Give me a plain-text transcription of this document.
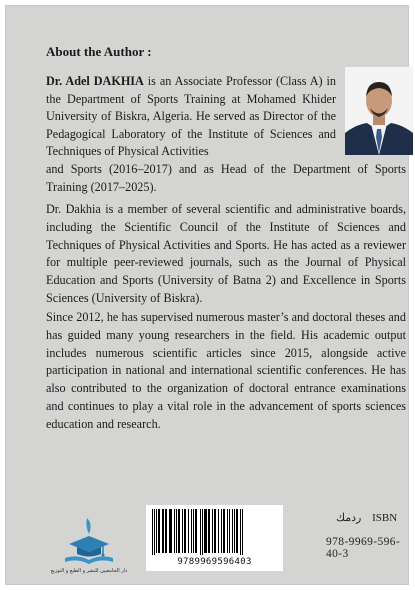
About the Author :

Dr. Adel DAKHIA is an Associate Professor (Class A) in the Department of Sports Training at Mohamed Khider University of Biskra, Algeria. He served as Director of the Pedagogical Laboratory of the Institute of Sciences and Techniques of Physical Activities

and Sports (2016–2017) and as Head of the Department of Sports Training (2017–2025).

Dr. Dakhia is a member of several scientific and administrative boards, including the Scientific Council of the Institute of Sciences and Techniques of Physical Activities and Sports. He has acted as a reviewer for multiple peer-reviewed journals, such as the Journal of Physical Education and Sports (University of Batna 2) and Excellence in Sports Sciences (University of Biskra).

Since 2012, he has supervised numerous master’s and doctoral theses and has guided many young researchers in the field. His academic output includes numerous scientific articles since 2015, alongside active participation in national and international scientific conferences. He has also contributed to the organization of doctoral entrance examinations and continues to play a vital role in the advancement of sports sciences education and research.

دار الجامعيين للنشر و الطبع و التوزيع
9789969596403
ردمك ISBN
978-9969-596-40-3
